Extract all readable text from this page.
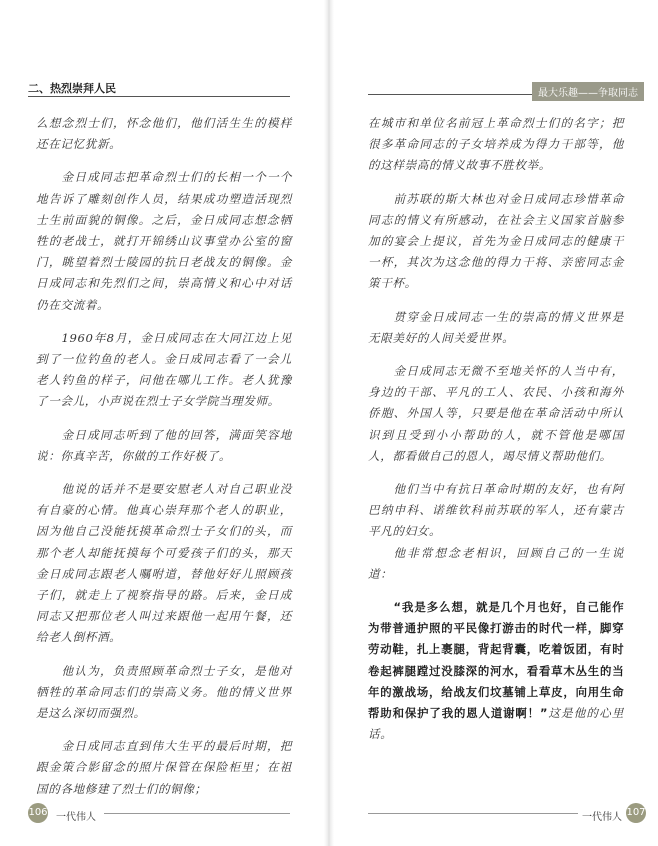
二、热烈崇拜人民

么想念烈士们，怀念他们，他们活生生的模样还在记忆犹新。

金日成同志把革命烈士们的长相一个一个地告诉了雕刻创作人员，结果成功塑造活现烈士生前面貌的铜像。之后，金日成同志想念牺牲的老战士，就打开锦绣山议事堂办公室的窗门，眺望着烈士陵园的抗日老战友的铜像。金日成同志和先烈们之间，崇高情义和心中对话仍在交流着。

1960年8月，金日成同志在大同江边上见到了一位钓鱼的老人。金日成同志看了一会儿老人钓鱼的样子，问他在哪儿工作。老人犹豫了一会儿，小声说在烈士子女学院当理发师。

金日成同志听到了他的回答，满面笑容地说：你真辛苦，你做的工作好极了。

他说的话并不是要安慰老人对自己职业没有自豪的心情。他真心崇拜那个老人的职业，因为他自己没能抚摸革命烈士子女们的头，而那个老人却能抚摸每个可爱孩子们的头，那天金日成同志跟老人嘱咐道，替他好好儿照顾孩子们，就走上了视察指导的路。后来，金日成同志又把那位老人叫过来跟他一起用午餐，还给老人倒杯酒。

他认为，负责照顾革命烈士子女，是他对牺牲的革命同志们的崇高义务。他的情义世界是这么深切而强烈。

金日成同志直到伟大生平的最后时期，把跟金策合影留念的照片保管在保险柜里；在祖国的各地修建了烈士们的铜像；

106 一代伟人
最大乐趣——争取同志

在城市和单位名前冠上革命烈士们的名字；把很多革命同志的子女培养成为得力干部等，他的这样崇高的情义故事不胜枚举。

前苏联的斯大林也对金日成同志珍惜革命同志的情义有所感动，在社会主义国家首脑参加的宴会上提议，首先为金日成同志的健康干一杯，其次为这念他的得力干将、亲密同志金策干杯。

贯穿金日成同志一生的崇高的情义世界是无限美好的人间关爱世界。

金日成同志无微不至地关怀的人当中有，身边的干部、平凡的工人、农民、小孩和海外侨胞、外国人等，只要是他在革命活动中所认识到且受到小小帮助的人，就不管他是哪国人，都看做自己的恩人，竭尽情义帮助他们。

他们当中有抗日革命时期的友好，也有阿巴纳申科、诺维钦科前苏联的军人，还有蒙古平凡的妇女。

他非常想念老相识，回顾自己的一生说道：

“我是多么想，就是几个月也好，自己能作为带普通护照的平民像打游击的时代一样，脚穿劳动鞋，扎上裹腿，背起背囊，吃着饭团，有时卷起裤腿蹚过没膝深的河水，看看草木丛生的当年的激战场，给战友们坟墓铺上草皮，向用生命帮助和保护了我的恩人道谢啊！”这是他的心里话。

一代伟人 107
